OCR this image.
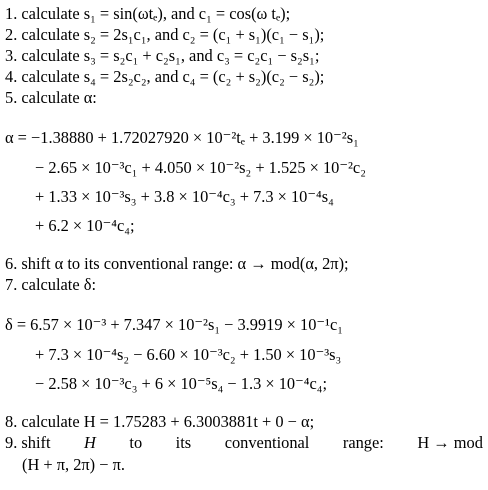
1. calculate s₁ = sin(ωtₑ), and c₁ = cos(ω tₑ);
2. calculate s₂ = 2s₁c₁, and c₂ = (c₁ + s₁)(c₁ − s₁);
3. calculate s₃ = s₂c₁ + c₂s₁, and c₃ = c₂c₁ − s₂s₁;
4. calculate s₄ = 2s₂c₂, and c₄ = (c₂ + s₂)(c₂ − s₂);
5. calculate α:
α = −1.38880 + 1.72027920 × 10⁻²tₑ + 3.199 × 10⁻²s₁
− 2.65 × 10⁻³c₁ + 4.050 × 10⁻²s₂ + 1.525 × 10⁻²c₂
+ 1.33 × 10⁻³s₃ + 3.8 × 10⁻⁴c₃ + 7.3 × 10⁻⁴s₄
+ 6.2 × 10⁻⁴c₄;
6. shift α to its conventional range: α → mod(α, 2π);
7. calculate δ:
δ = 6.57 × 10⁻³ + 7.347 × 10⁻²s₁ − 3.9919 × 10⁻¹c₁
+ 7.3 × 10⁻⁴s₂ − 6.60 × 10⁻³c₂ + 1.50 × 10⁻³s₃
− 2.58 × 10⁻³c₃ + 6 × 10⁻⁵s₄ − 1.3 × 10⁻⁴c₄;
8. calculate H = 1.75283 + 6.3003881t + 0 − α;
9. shift H to its conventional range: H → mod
(H + π, 2π) − π.
